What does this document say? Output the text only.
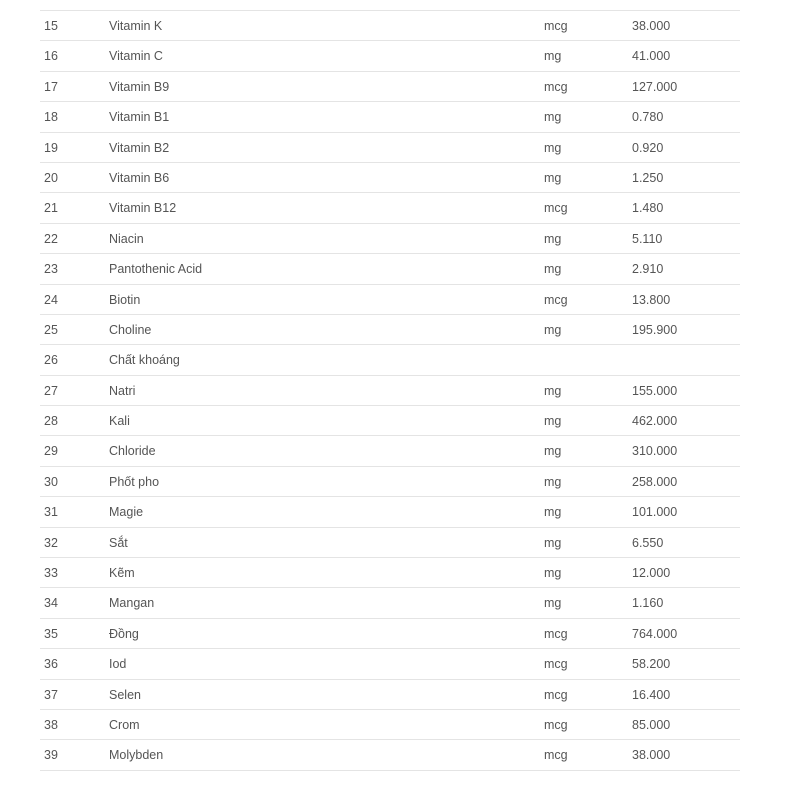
15	Vitamin K	mcg	38.000
16	Vitamin C	mg	41.000
17	Vitamin B9	mcg	127.000
18	Vitamin B1	mg	0.780
19	Vitamin B2	mg	0.920
20	Vitamin B6	mg	1.250
21	Vitamin B12	mcg	1.480
22	Niacin	mg	5.110
23	Pantothenic Acid	mg	2.910
24	Biotin	mcg	13.800
25	Choline	mg	195.900
26	Chất khoáng
27	Natri	mg	155.000
28	Kali	mg	462.000
29	Chloride	mg	310.000
30	Phốt pho	mg	258.000
31	Magie	mg	101.000
32	Sắt	mg	6.550
33	Kẽm	mg	12.000
34	Mangan	mg	1.160
35	Đồng	mcg	764.000
36	Iod	mcg	58.200
37	Selen	mcg	16.400
38	Crom	mcg	85.000
39	Molybden	mcg	38.000
